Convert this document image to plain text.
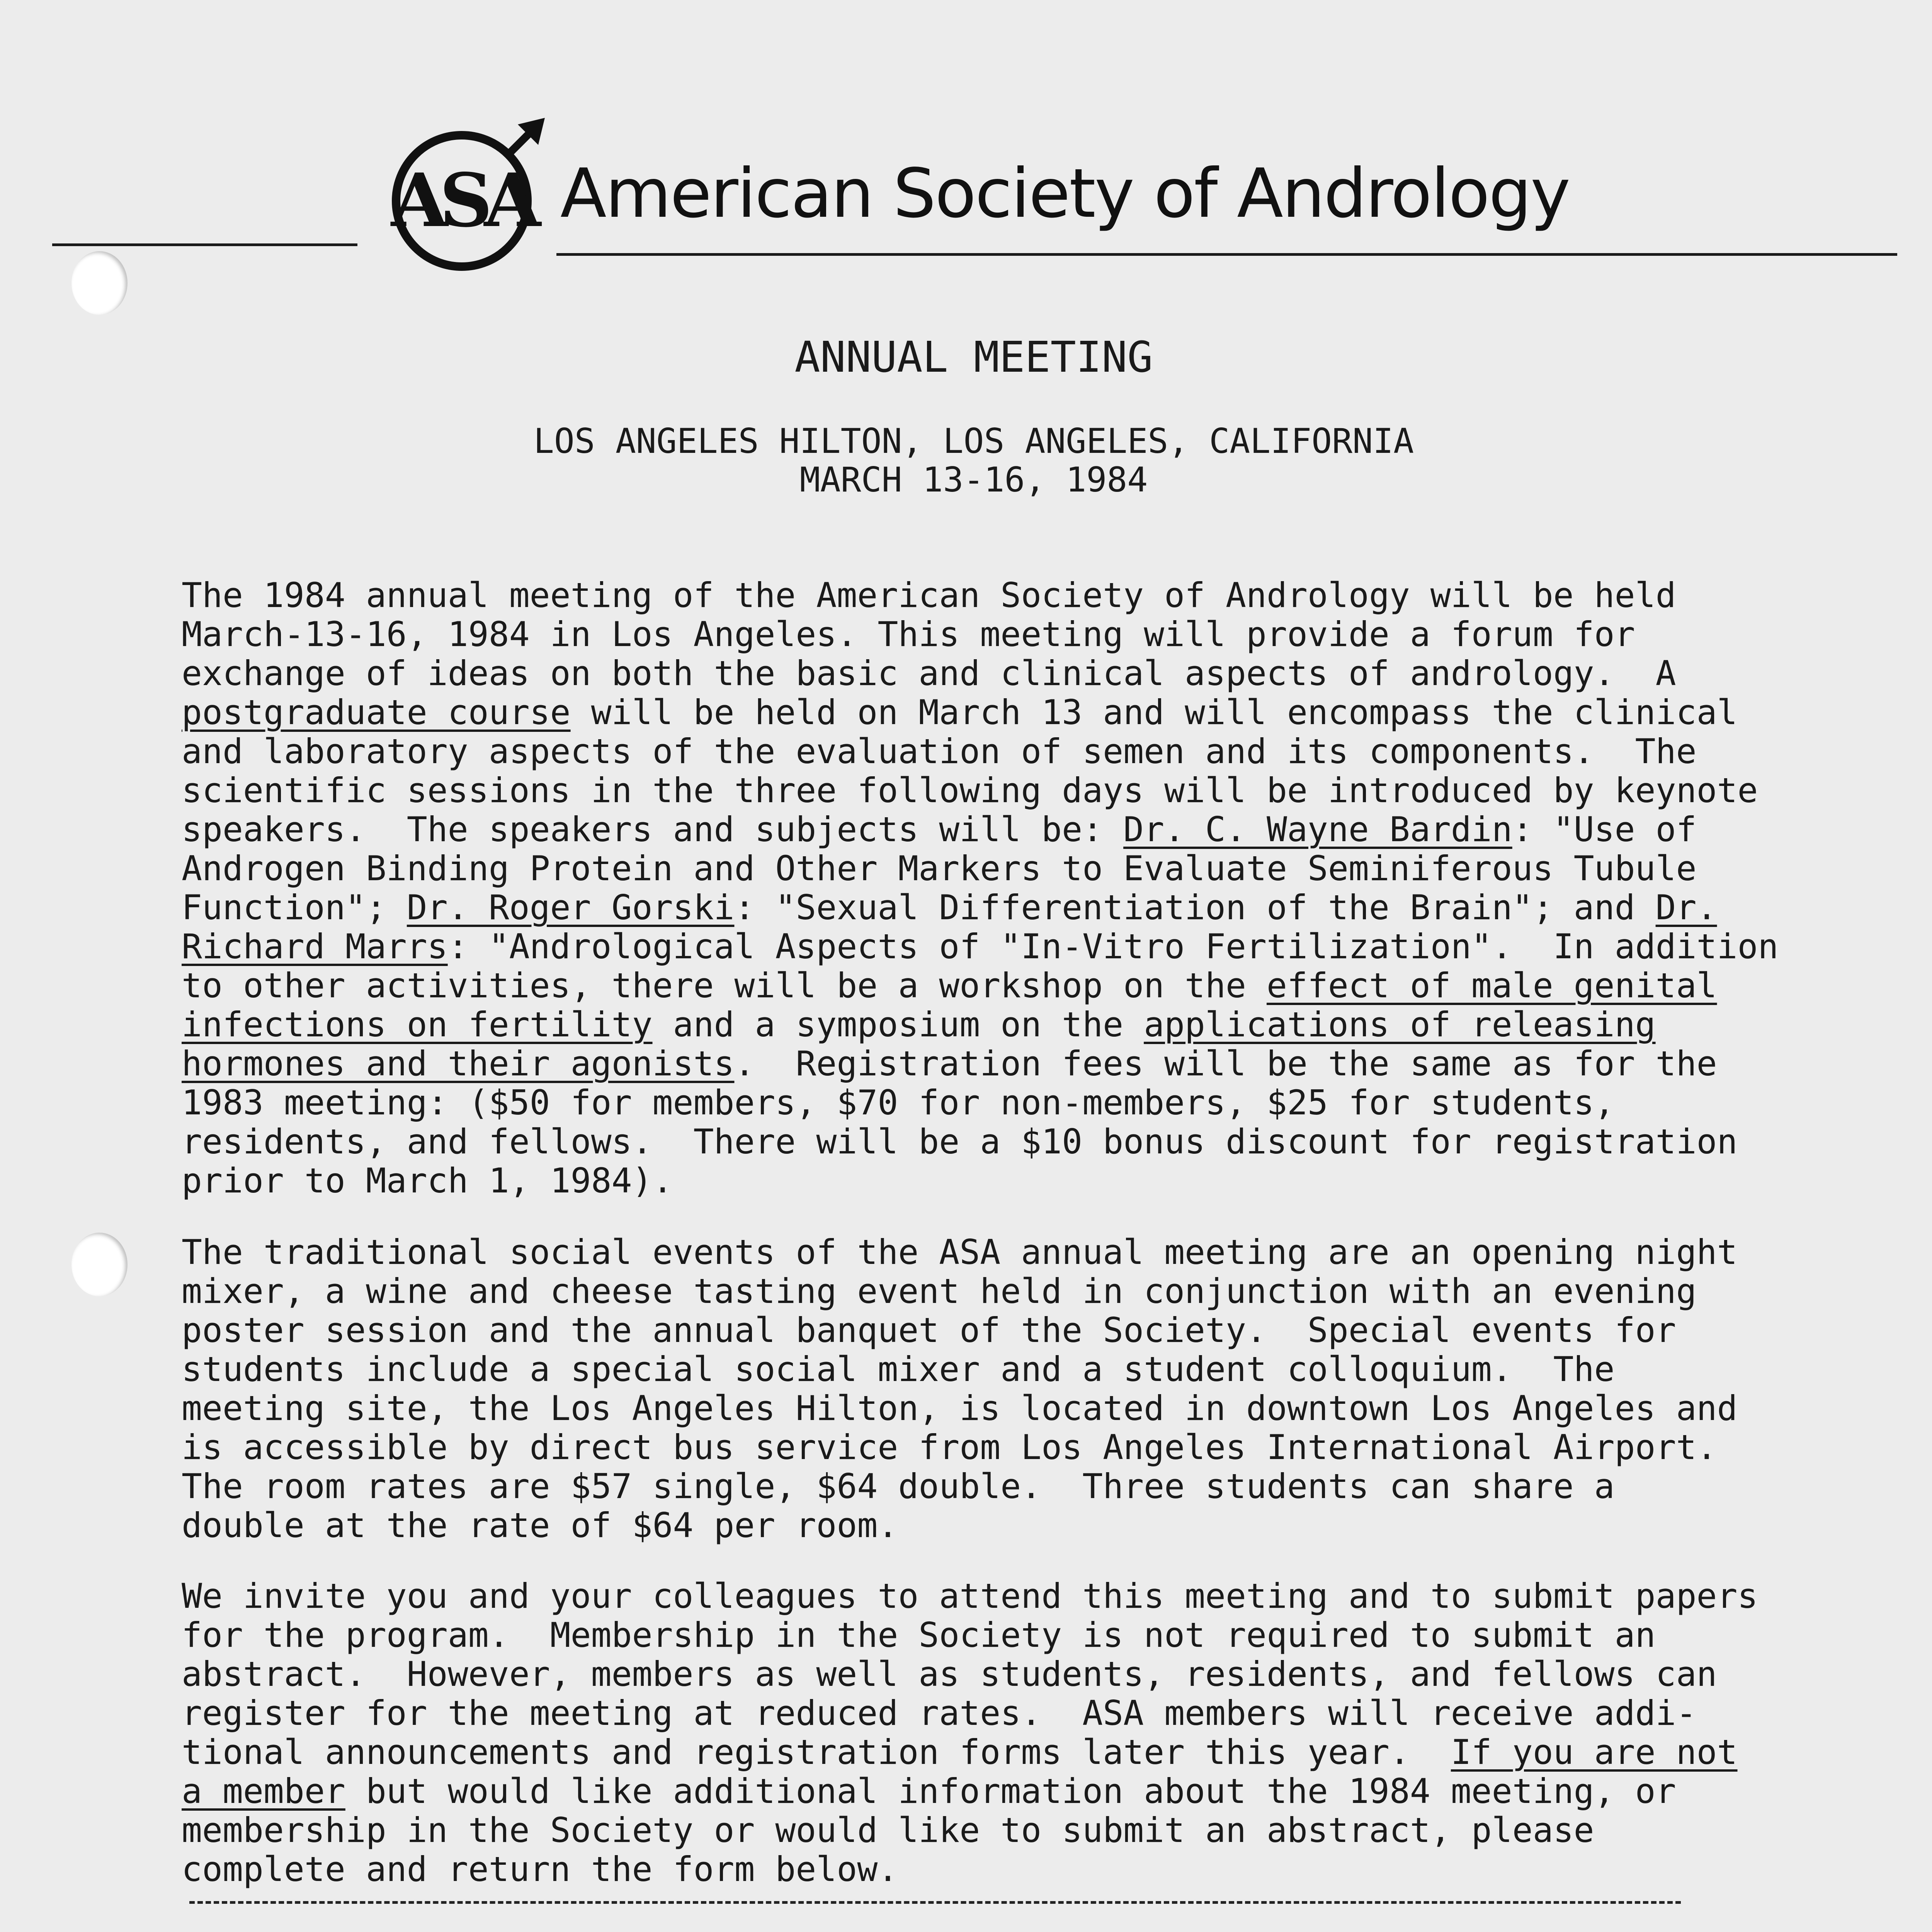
ASA American Society of Andrology
ANNUAL MEETING
LOS ANGELES HILTON, LOS ANGELES, CALIFORNIA
MARCH 13-16, 1984
The 1984 annual meeting of the American Society of Andrology will be held
March-13-16, 1984 in Los Angeles. This meeting will provide a forum for
exchange of ideas on both the basic and clinical aspects of andrology.  A
postgraduate course will be held on March 13 and will encompass the clinical
and laboratory aspects of the evaluation of semen and its components.  The
scientific sessions in the three following days will be introduced by keynote
speakers.  The speakers and subjects will be: Dr. C. Wayne Bardin: "Use of
Androgen Binding Protein and Other Markers to Evaluate Seminiferous Tubule
Function"; Dr. Roger Gorski: "Sexual Differentiation of the Brain"; and Dr.
Richard Marrs: "Andrological Aspects of "In-Vitro Fertilization".  In addition
to other activities, there will be a workshop on the effect of male genital
infections on fertility and a symposium on the applications of releasing
hormones and their agonists.  Registration fees will be the same as for the
1983 meeting: ($50 for members, $70 for non-members, $25 for students,
residents, and fellows.  There will be a $10 bonus discount for registration
prior to March 1, 1984).
The traditional social events of the ASA annual meeting are an opening night
mixer, a wine and cheese tasting event held in conjunction with an evening
poster session and the annual banquet of the Society.  Special events for
students include a special social mixer and a student colloquium.  The
meeting site, the Los Angeles Hilton, is located in downtown Los Angeles and
is accessible by direct bus service from Los Angeles International Airport.
The room rates are $57 single, $64 double.  Three students can share a
double at the rate of $64 per room.
We invite you and your colleagues to attend this meeting and to submit papers
for the program.  Membership in the Society is not required to submit an
abstract.  However, members as well as students, residents, and fellows can
register for the meeting at reduced rates.  ASA members will receive addi-
tional announcements and registration forms later this year.  If you are not
a member but would like additional information about the 1984 meeting, or
membership in the Society or would like to submit an abstract, please
complete and return the form below.
